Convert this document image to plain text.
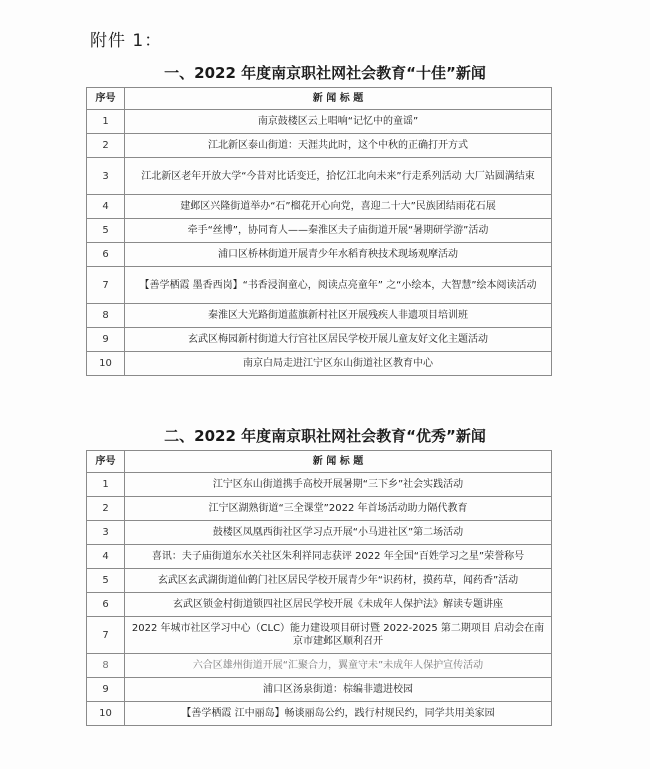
附件 1：
一、2022 年度南京职社网社会教育“十佳”新闻
序号	新 闻 标 题
1	南京鼓楼区云上唱响“记忆中的童谣”
2	江北新区泰山街道：天涯共此时，这个中秋的正确打开方式
3	江北新区老年开放大学“今昔对比话变迁，拾忆江北向未来”行走系列活动 大厂站圆满结束
4	建邺区兴隆街道举办“石”榴花开心向党，喜迎二十大”民族团结雨花石展
5	牵手“丝博”，协同育人——秦淮区夫子庙街道开展“暑期研学游”活动
6	浦口区桥林街道开展青少年水稻育秧技术现场观摩活动
7	【善学栖霞 墨香西岗】“书香浸润童心，阅读点亮童年” 之“小绘本，大智慧”绘本阅读活动
8	秦淮区大光路街道蓝旗新村社区开展残疾人非遗项目培训班
9	玄武区梅园新村街道大行宫社区居民学校开展儿童友好文化主题活动
10	南京白局走进江宁区东山街道社区教育中心
二、2022 年度南京职社网社会教育“优秀”新闻
序号	新 闻 标 题
1	江宁区东山街道携手高校开展暑期“三下乡”社会实践活动
2	江宁区湖熟街道“三全课堂”2022 年首场活动助力隔代教育
3	鼓楼区凤凰西街社区学习点开展“小马进社区”第二场活动
4	喜讯：夫子庙街道东水关社区朱利祥同志获评 2022 年全国“百姓学习之星”荣誉称号
5	玄武区玄武湖街道仙鹤门社区居民学校开展青少年“识药材，摸药草，闻药香”活动
6	玄武区锁金村街道锁四社区居民学校开展《未成年人保护法》解读专题讲座
7	2022 年城市社区学习中心（CLC）能力建设项目研讨暨 2022-2025 第二期项目 启动会在南京市建邺区顺利召开
8	六合区雄州街道开展“汇聚合力，翼童守未”未成年人保护宣传活动
9	浦口区汤泉街道：棕编非遗进校园
10	【善学栖霞 江中丽岛】畅谈丽岛公约，践行村规民约，同学共用美家园
